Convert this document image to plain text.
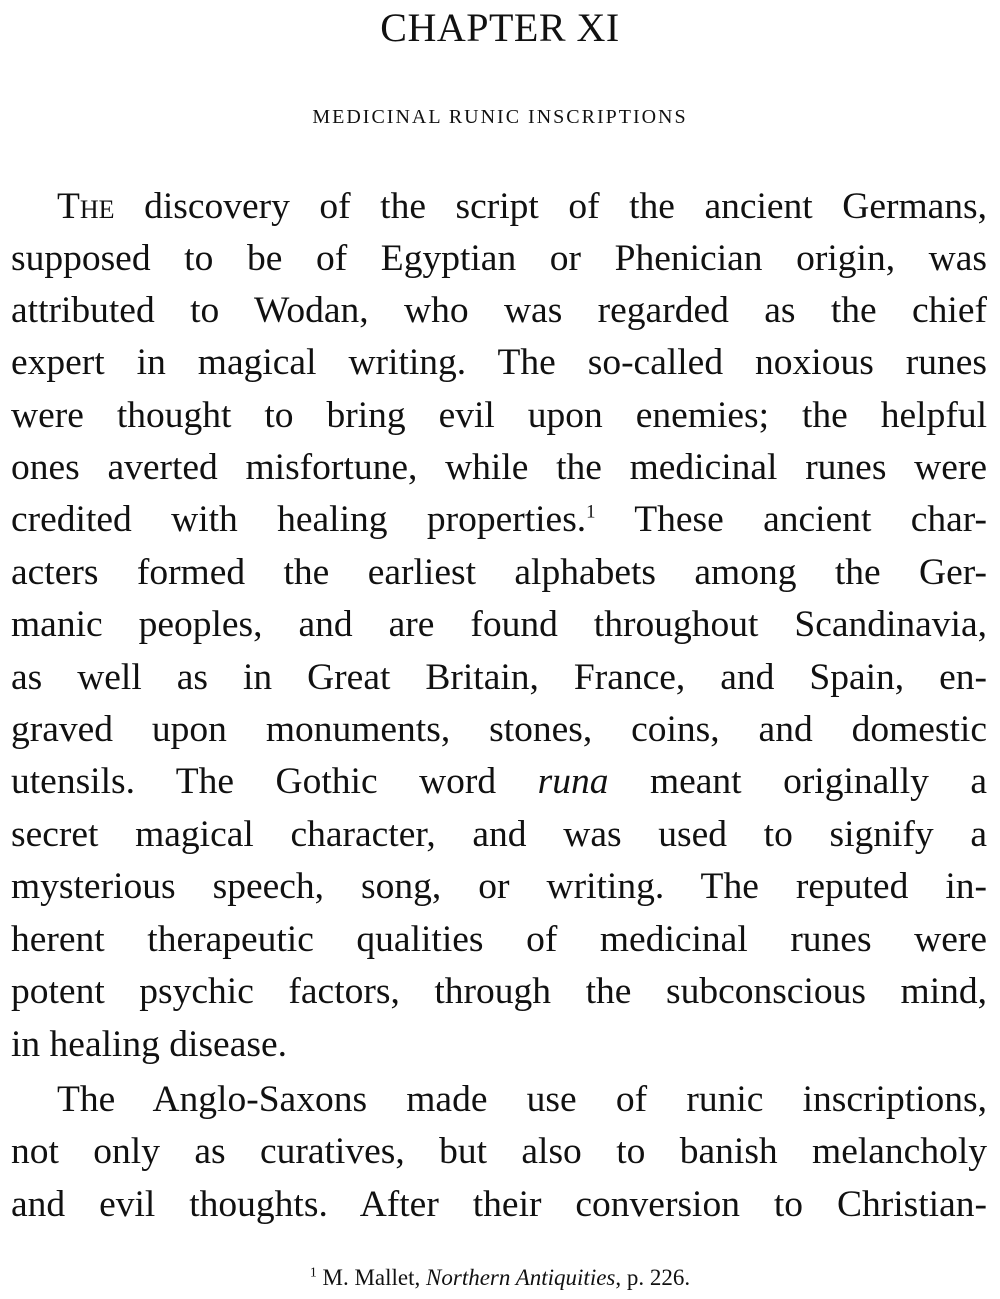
CHAPTER XI
MEDICINAL RUNIC INSCRIPTIONS
The discovery of the script of the ancient Germans,
supposed to be of Egyptian or Phenician origin, was
attributed to Wodan, who was regarded as the chief
expert in magical writing. The so-called noxious runes
were thought to bring evil upon enemies; the helpful
ones averted misfortune, while the medicinal runes were
credited with healing properties.$^1$ These ancient char-
acters formed the earliest alphabets among the Ger-
manic peoples, and are found throughout Scandinavia,
as well as in Great Britain, France, and Spain, en-
graved upon monuments, stones, coins, and domestic
utensils. The Gothic word runa meant originally a
secret magical character, and was used to signify a
mysterious speech, song, or writing. The reputed in-
herent therapeutic qualities of medicinal runes were
potent psychic factors, through the subconscious mind,
in healing disease.
The Anglo-Saxons made use of runic inscriptions,
not only as curatives, but also to banish melancholy
and evil thoughts. After their conversion to Christian-
$^1$ M. Mallet, Northern Antiquities, p. 226.
